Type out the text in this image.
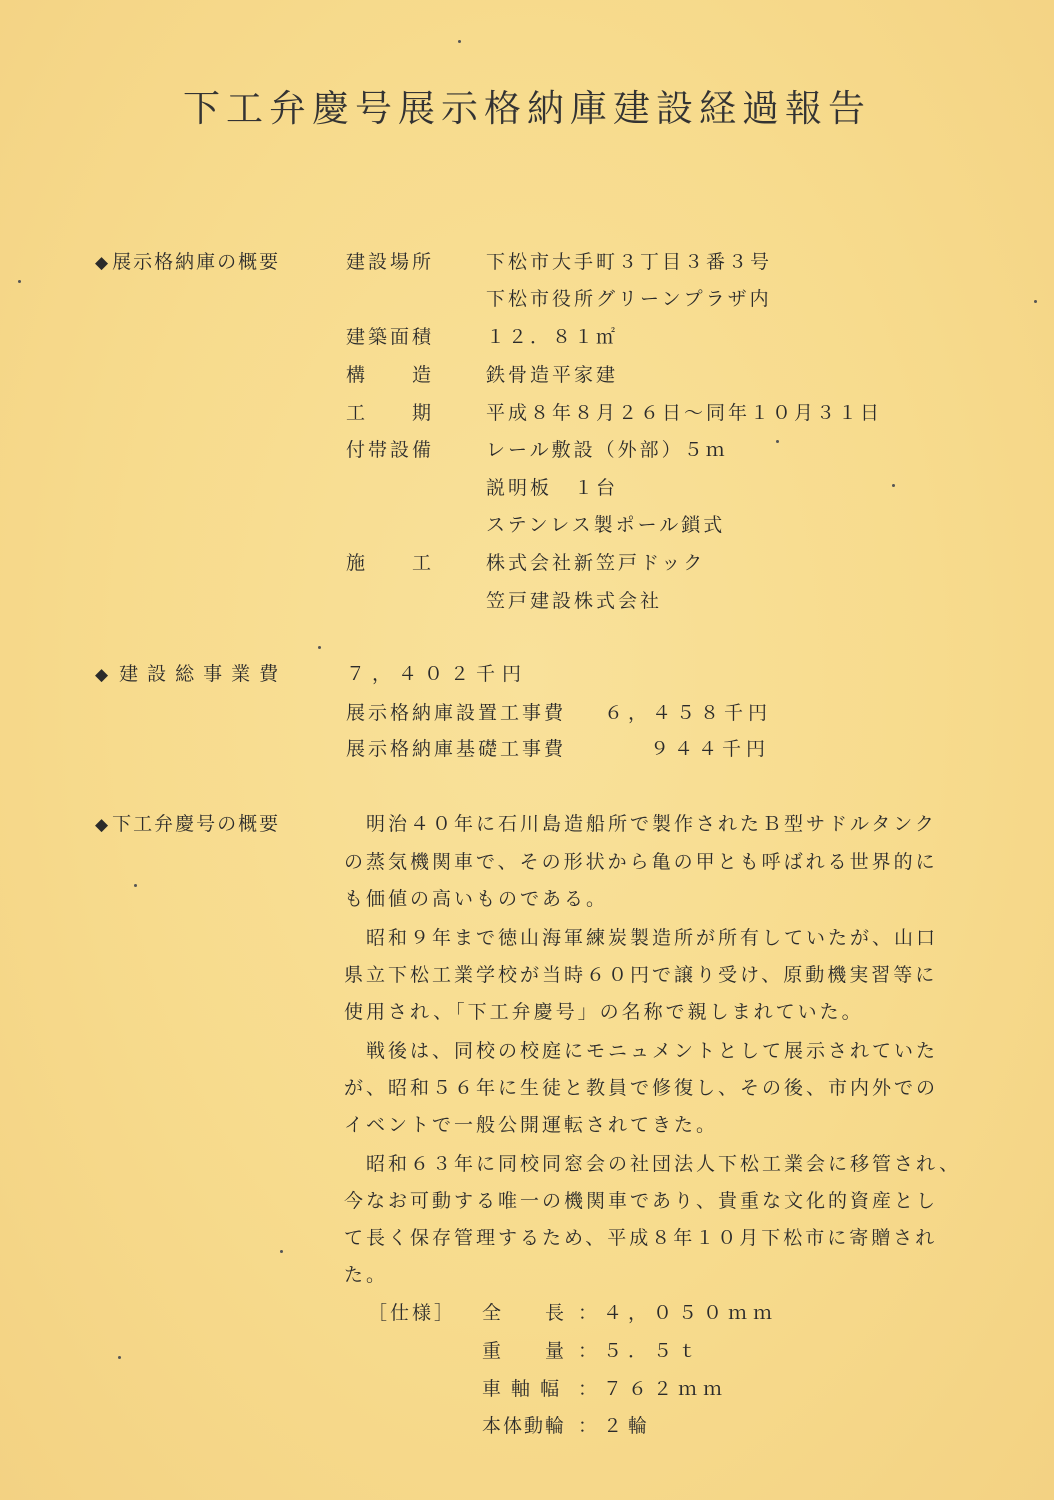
下工弁慶号展示格納庫建設経過報告
◆ 展示格納庫の概要	建設場所	下松市大手町３丁目３番３号
下松市役所グリーンプラザ内
建築面積	１２．８１㎡
構　　造	鉄骨造平家建
工　　期	平成８年８月２６日～同年１０月３１日
付帯設備	レール敷設（外部）５ｍ
説明板　１台
ステンレス製ポール鎖式
施　　工	株式会社新笠戸ドック
笠戸建設株式会社
◆ 建設総事業費	７，４０２千円
展示格納庫設置工事費 ６，４５８千円
展示格納庫基礎工事費	９４４千円
◆ 下工弁慶号の概要	　明治４０年に石川島造船所で製作されたＢ型サドルタンク
の蒸気機関車で、その形状から亀の甲とも呼ばれる世界的に
も価値の高いものである。
　昭和９年まで徳山海軍練炭製造所が所有していたが、山口
県立下松工業学校が当時６０円で譲り受け、原動機実習等に
使用され、「下工弁慶号」の名称で親しまれていた。
　戦後は、同校の校庭にモニュメントとして展示されていた
が、昭和５６年に生徒と教員で修復し、その後、市内外での
イベントで一般公開運転されてきた。
　昭和６３年に同校同窓会の社団法人下松工業会に移管され、
今なお可動する唯一の機関車であり、貴重な文化的資産とし
て長く保存管理するため、平成８年１０月下松市に寄贈され
た。
［仕様］ 全　　長 ：４，０５０ｍｍ
重　　量 ：５．５ｔ
車 軸 幅 ：７６２ｍｍ
本体動輪 ：２輪
